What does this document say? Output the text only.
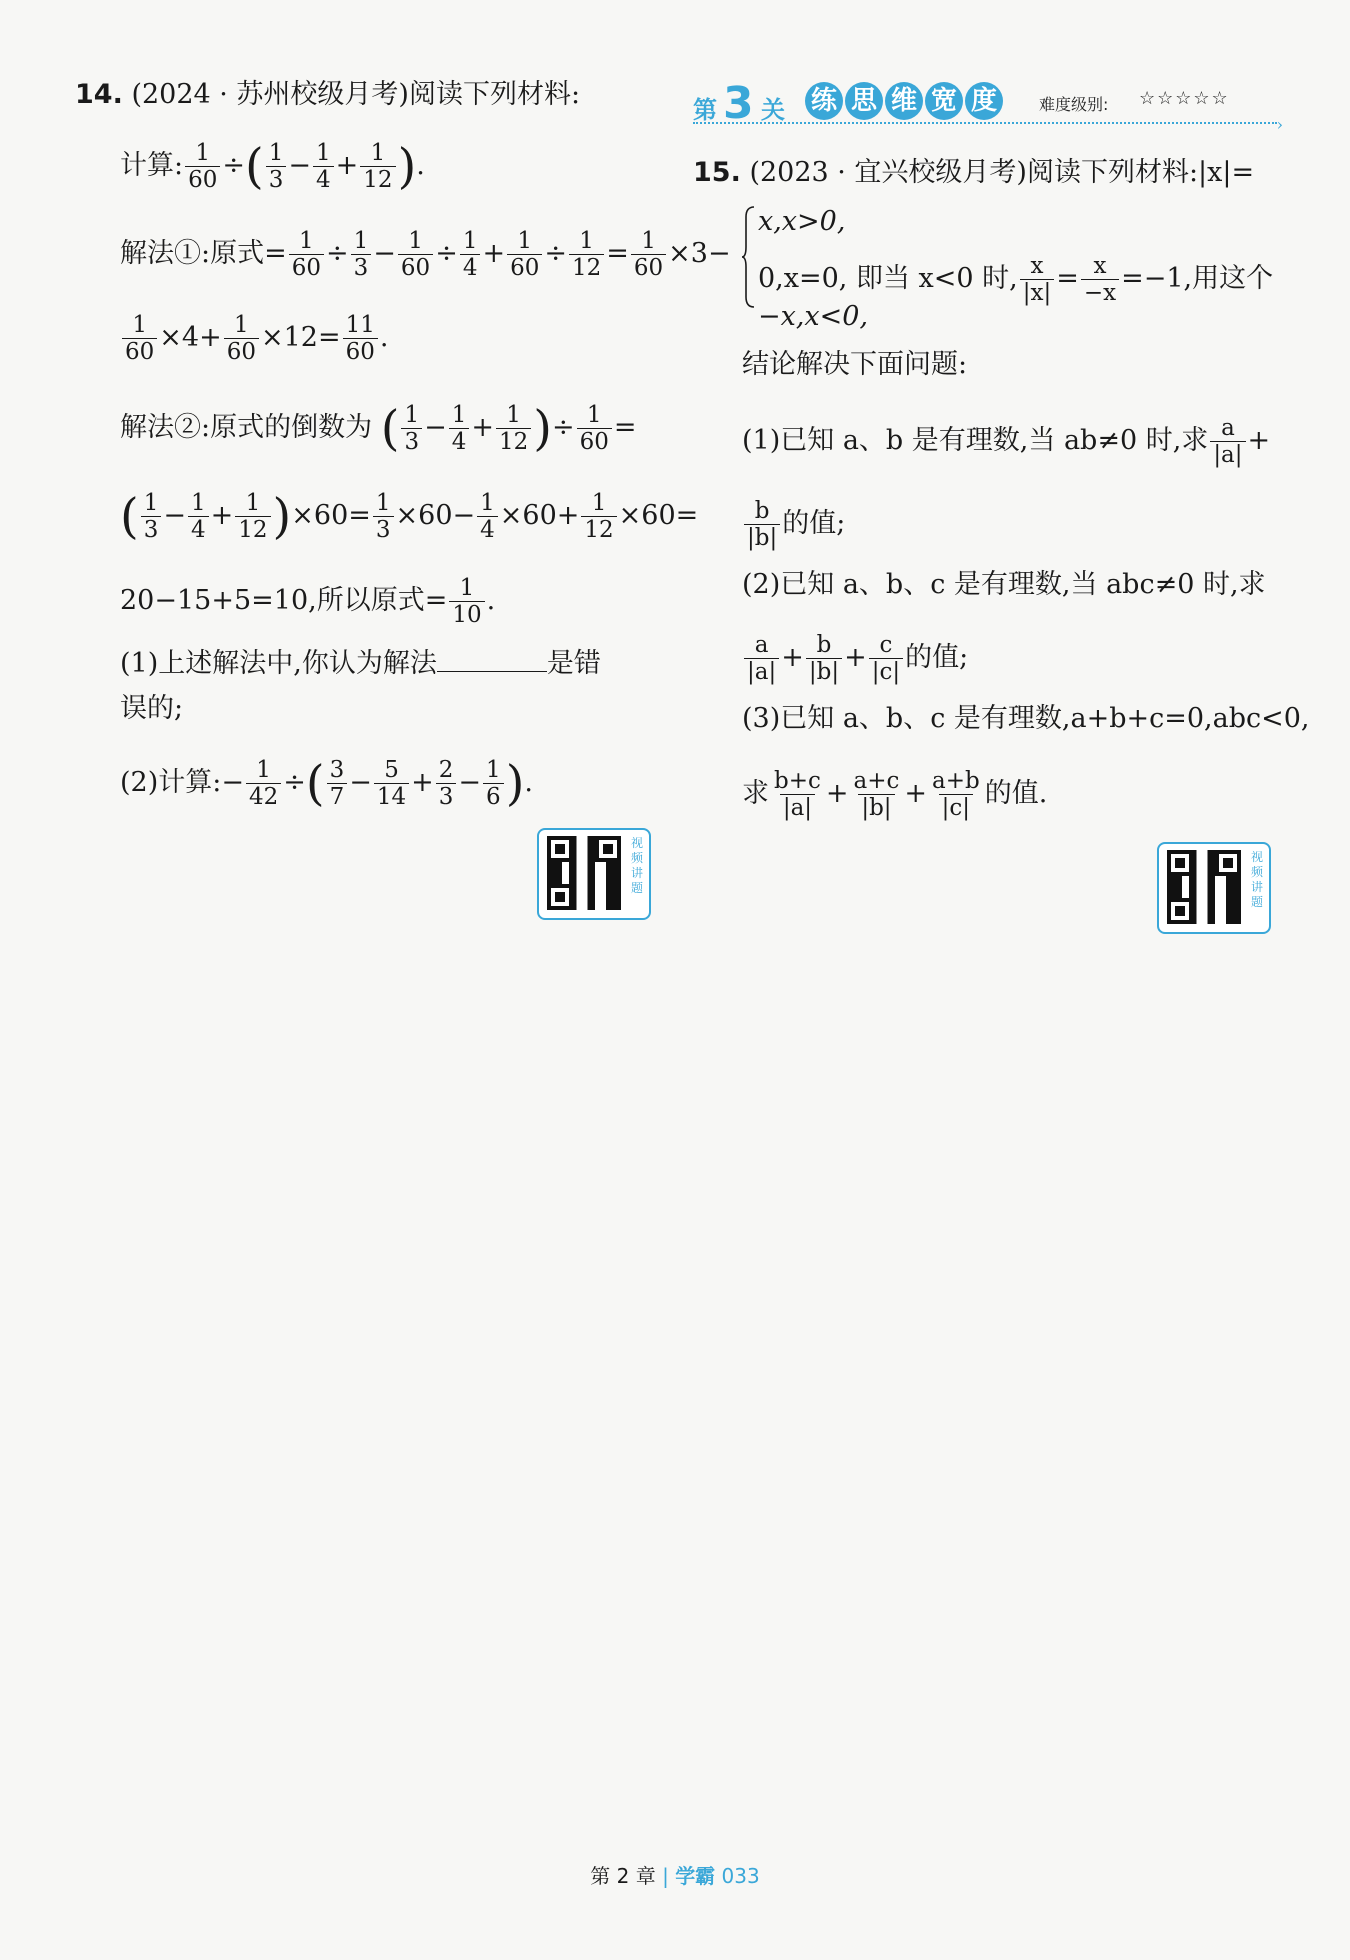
14. (2024 · 苏州校级月考)阅读下列材料:
计算: $\frac{1}{60}$ ÷( $\frac{1}{3} - \frac{1}{4} + \frac{1}{12}$ ).
解法①:原式= $\frac{1}{60} \div \frac{1}{3} - \frac{1}{60} \div \frac{1}{4} + \frac{1}{60} \div \frac{1}{12} = \frac{1}{60} \times 3-$
$\frac{1}{60} \times 4+ \frac{1}{60} \times 12= \frac{11}{60}$ .
解法②:原式的倒数为 ( $\frac{1}{3} - \frac{1}{4} + \frac{1}{12}$ )÷ $\frac{1}{60}$ =
( $\frac{1}{3} - \frac{1}{4} + \frac{1}{12} )\times 60= \frac{1}{3} \times 60- \frac{1}{4} \times 60+ \frac{1}{12} \times 60=$
20−15+5=10,所以原式= $\frac{1}{10}$ .
(1)上述解法中,你认为解法	是错
误的;
(2)计算:− $\frac{1}{42}$ ÷( $\frac{3}{7} - \frac{5}{14} + \frac{2}{3} - \frac{1}{6}$ ).
视频讲题
第 3 关 练 思 维 宽 度	难度级别: ☆☆☆☆☆
›
15. (2023 · 宜兴校级月考)阅读下列材料:|x|=
x,x>0,
0,x=0, 即当 x<0 时, $\frac{x}{|x|} = \frac{x}{-x} =-1$,用这个
−x,x<0,
结论解决下面问题:
(1)已知 a、b 是有理数,当 ab≠0 时,求 $\frac{a}{|a|}$ +
$\frac{b}{|b|}$ 的值;
(2)已知 a、b、c 是有理数,当 abc≠0 时,求
$\frac{a}{|a|} + \frac{b}{|b|} + \frac{c}{|c|}$ 的值;
(3)已知 a、b、c 是有理数,a+b+c=0,abc<0,
求 $\frac{b+c}{|a|} + \frac{a+c}{|b|} + \frac{a+b}{|c|}$ 的值.
视频讲题
第 2 章 | 学霸 033
